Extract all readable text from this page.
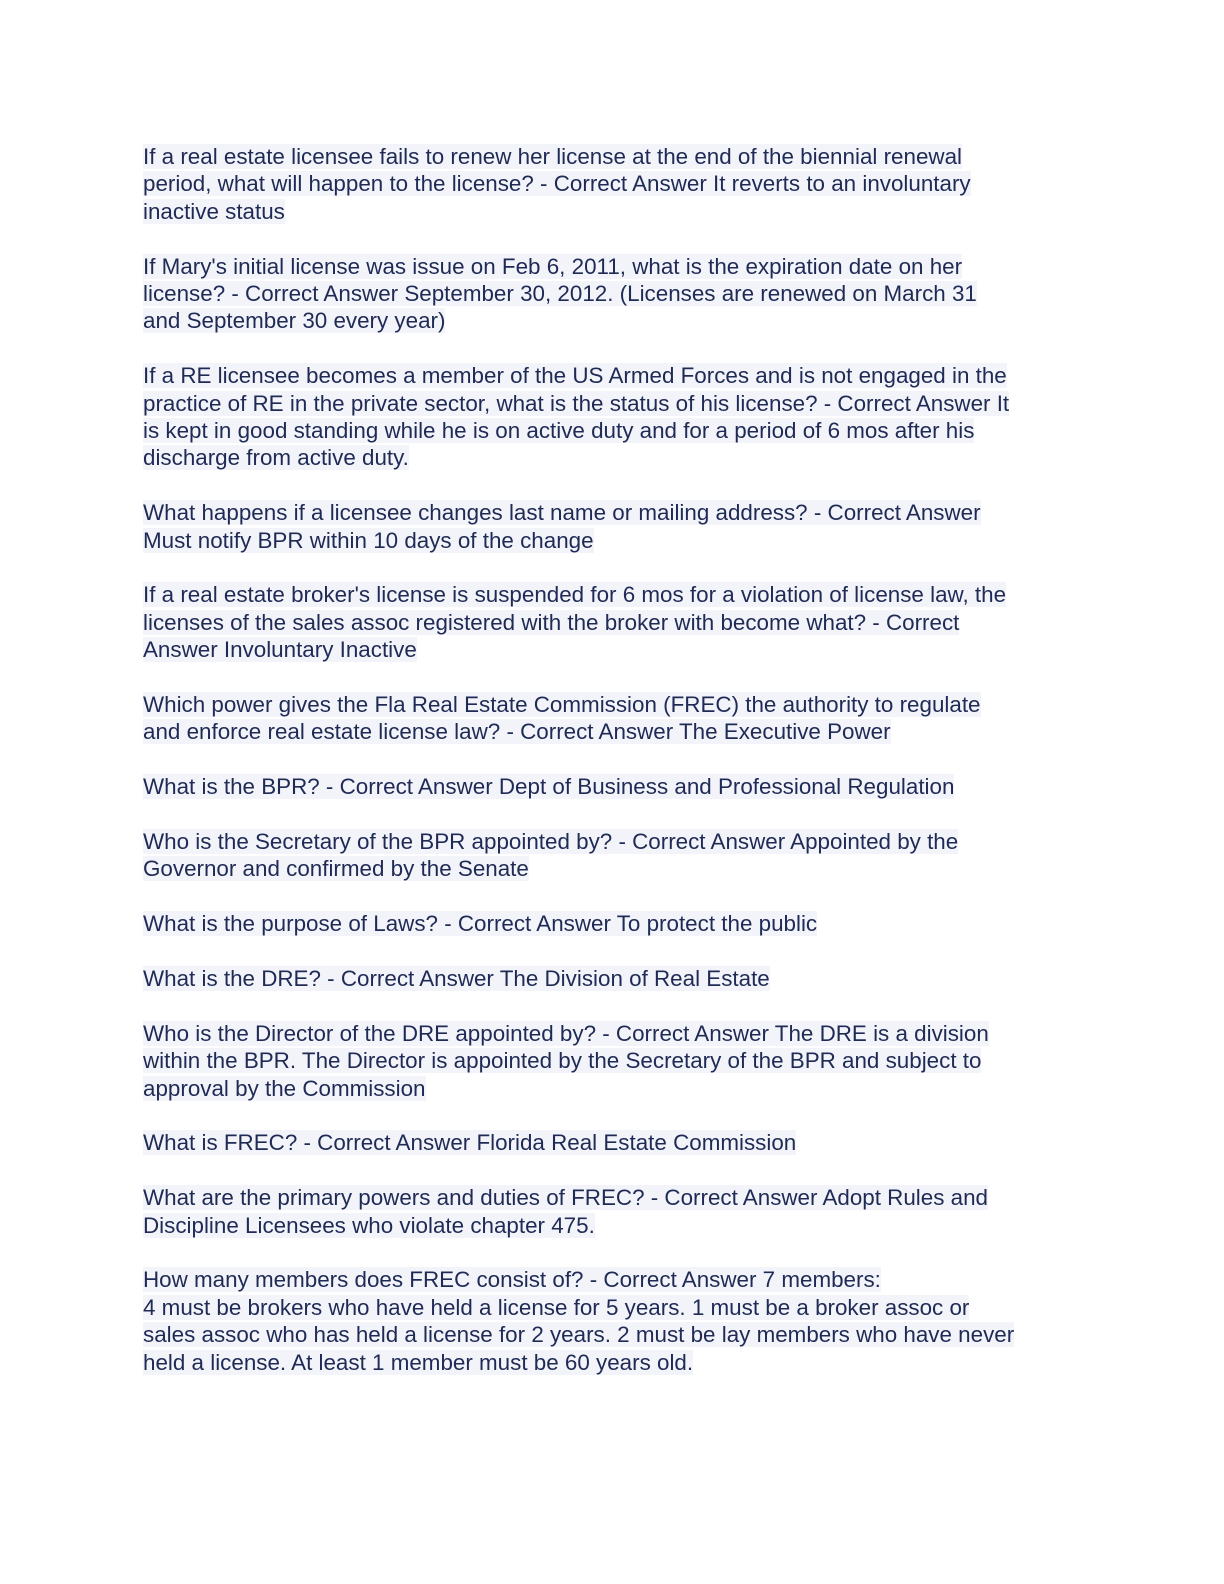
If a real estate licensee fails to renew her license at the end of the biennial renewal
period, what will happen to the license? - Correct Answer It reverts to an involuntary
inactive status

If Mary's initial license was issue on Feb 6, 2011, what is the expiration date on her
license? - Correct Answer September 30, 2012. (Licenses are renewed on March 31
and September 30 every year)

If a RE licensee becomes a member of the US Armed Forces and is not engaged in the
practice of RE in the private sector, what is the status of his license? - Correct Answer It
is kept in good standing while he is on active duty and for a period of 6 mos after his
discharge from active duty.

What happens if a licensee changes last name or mailing address? - Correct Answer
Must notify BPR within 10 days of the change

If a real estate broker's license is suspended for 6 mos for a violation of license law, the
licenses of the sales assoc registered with the broker with become what? - Correct
Answer Involuntary Inactive

Which power gives the Fla Real Estate Commission (FREC) the authority to regulate
and enforce real estate license law? - Correct Answer The Executive Power

What is the BPR? - Correct Answer Dept of Business and Professional Regulation

Who is the Secretary of the BPR appointed by? - Correct Answer Appointed by the
Governor and confirmed by the Senate

What is the purpose of Laws? - Correct Answer To protect the public

What is the DRE? - Correct Answer The Division of Real Estate

Who is the Director of the DRE appointed by? - Correct Answer The DRE is a division
within the BPR. The Director is appointed by the Secretary of the BPR and subject to
approval by the Commission

What is FREC? - Correct Answer Florida Real Estate Commission

What are the primary powers and duties of FREC? - Correct Answer Adopt Rules and
Discipline Licensees who violate chapter 475.

How many members does FREC consist of? - Correct Answer 7 members:
4 must be brokers who have held a license for 5 years. 1 must be a broker assoc or
sales assoc who has held a license for 2 years. 2 must be lay members who have never
held a license. At least 1 member must be 60 years old.
